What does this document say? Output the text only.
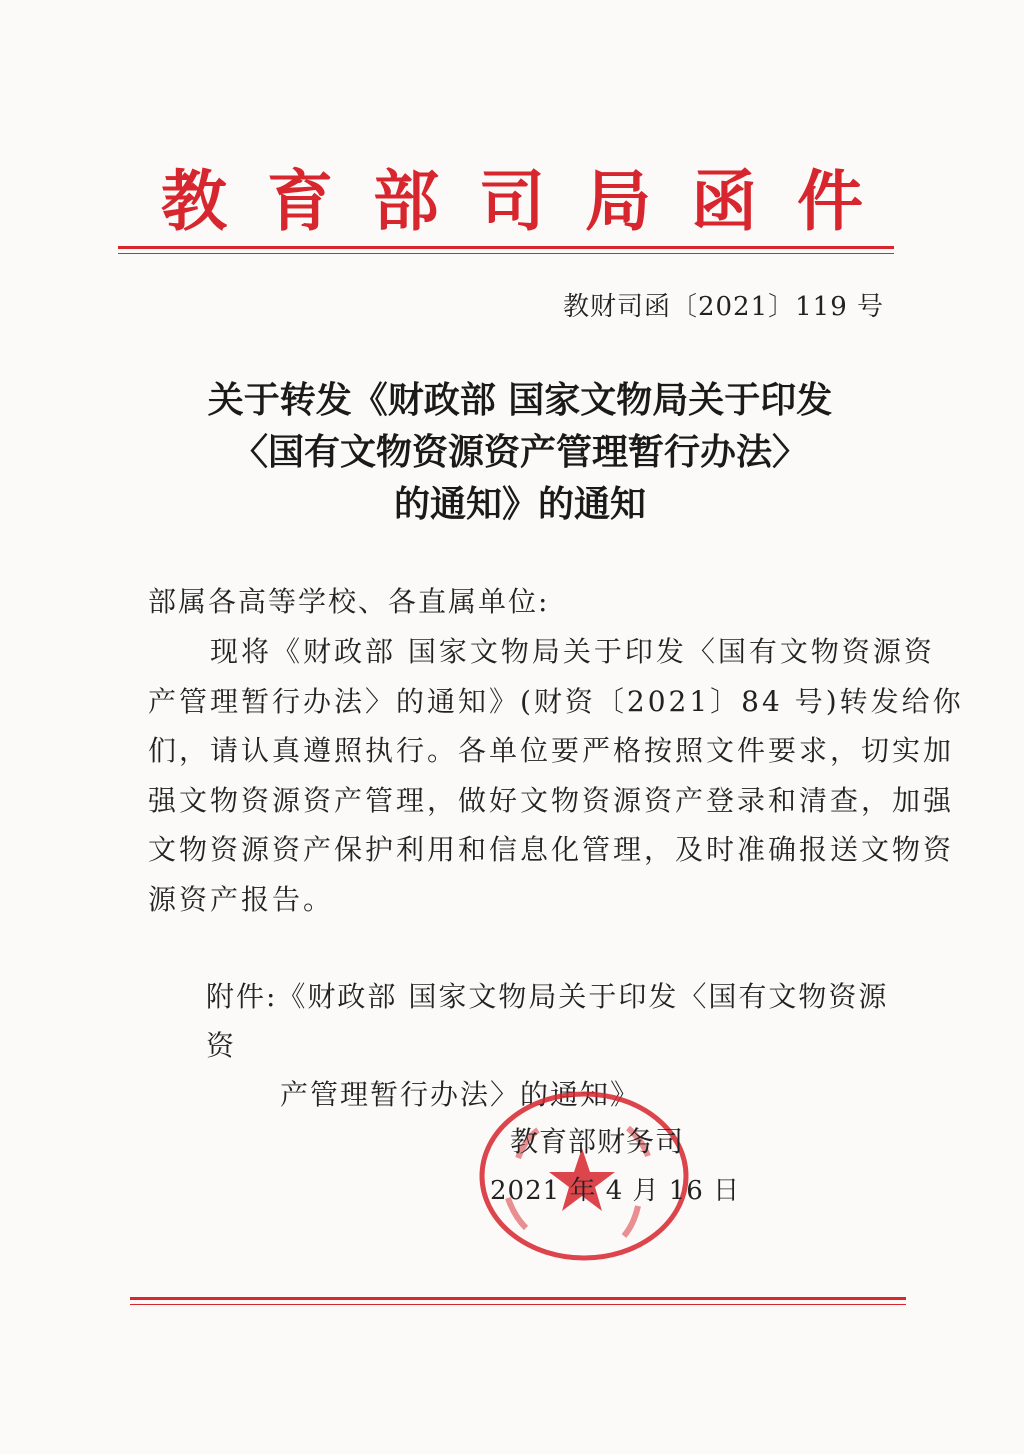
教育部司局函件
教财司函〔2021〕119 号
关于转发《财政部 国家文物局关于印发
〈国有文物资源资产管理暂行办法〉
的通知》的通知
部属各高等学校、各直属单位:
　　现将《财政部 国家文物局关于印发〈国有文物资源资
产管理暂行办法〉的通知》(财资〔2021〕84 号)转发给你
们，请认真遵照执行。各单位要严格按照文件要求，切实加
强文物资源资产管理，做好文物资源资产登录和清查，加强
文物资源资产保护利用和信息化管理，及时准确报送文物资
源资产报告。
附件:《财政部 国家文物局关于印发〈国有文物资源资
产管理暂行办法〉的通知》
教育部财务司
2021 年 4 月 16 日
